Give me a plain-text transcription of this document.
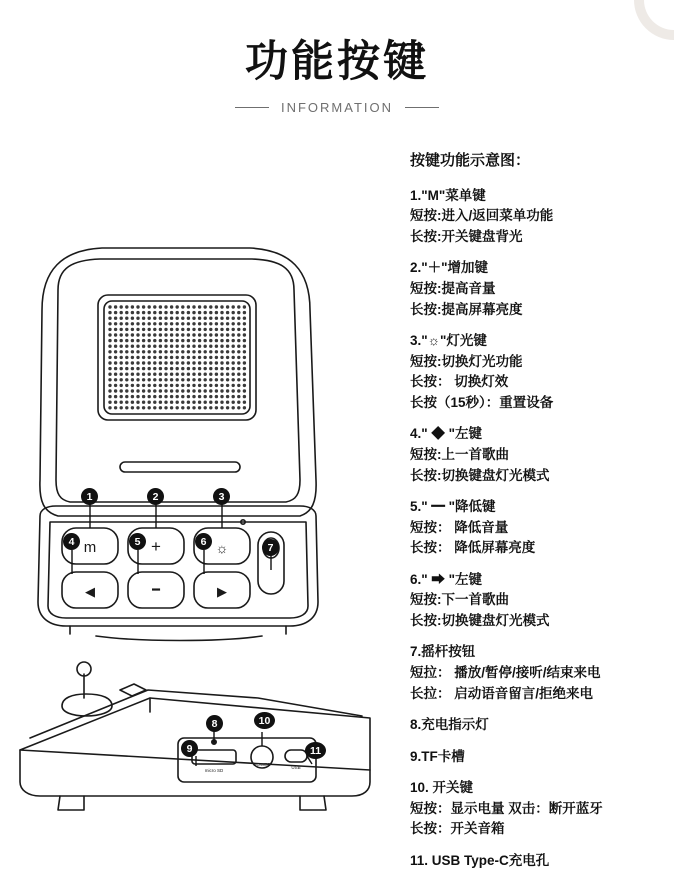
功能按键
INFORMATION
m	+	☼
◀	━	▶
micro SD
POWER
USB
1	2	3
4	5	6	7
8
9
10
11
按键功能示意图：
1."M"菜单键
短按:进入/返回菜单功能
长按:开关键盘背光
2."＋"增加键
短按:提高音量
长按:提高屏幕亮度
3."☼"灯光键
短按:切换灯光功能
长按： 切换灯效
长按（15秒）：重置设备
4." ◆ "左键
短按:上一首歌曲
长按:切换键盘灯光模式
5." ━ "降低键
短按： 降低音量
长按： 降低屏幕亮度
6." ➡ "左键
短按:下一首歌曲
长按:切换键盘灯光模式
7.摇杆按钮
短拉： 播放/暂停/接听/结束来电
长拉： 启动语音留言/拒绝来电
8.充电指示灯
9.TF卡槽
10. 开关键
短按：显示电量 双击：断开蓝牙
长按：开关音箱
11. USB Type-C充电孔
